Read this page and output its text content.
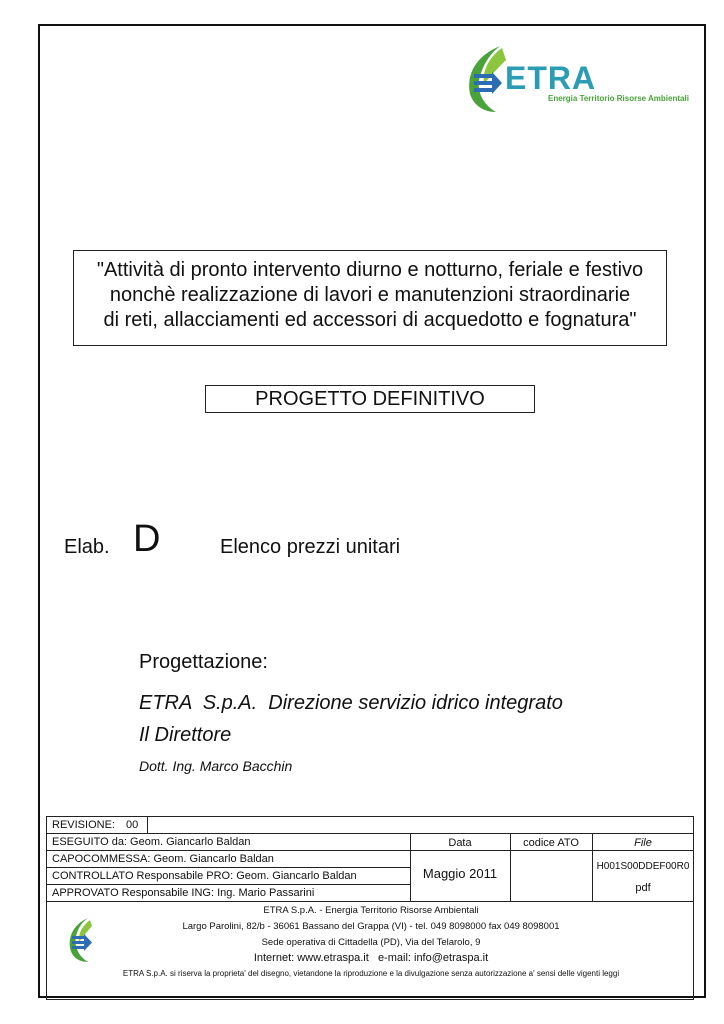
ETRA
Energia Territorio Risorse Ambientali
"Attività di pronto intervento diurno e notturno, feriale e festivo
nonchè realizzazione di lavori e manutenzioni straordinarie
di reti, allacciamenti ed accessori di acquedotto e fognatura"
PROGETTO DEFINITIVO
Elab. D	Elenco prezzi unitari
Progettazione:
ETRA  S.p.A.  Direzione servizio idrico integrato
Il Direttore
Dott. Ing. Marco Bacchin
REVISIONE: 00
ESEGUITO da: Geom. Giancarlo Baldan
CAPOCOMMESSA: Geom. Giancarlo Baldan
CONTROLLATO Responsabile PRO: Geom. Giancarlo Baldan
APPROVATO Responsabile ING: Ing. Mario Passarini
Data
Maggio 2011
codice ATO	File
H001S00DDEF00R0
pdf
ETRA S.p.A. - Energia Territorio Risorse Ambientali
Largo Parolini, 82/b - 36061 Bassano del Grappa (VI) - tel. 049 8098000 fax 049 8098001
Sede operativa di Cittadella (PD), Via del Telarolo, 9
Internet: www.etraspa.it   e-mail: info@etraspa.it
ETRA S.p.A. si riserva la proprieta' del disegno, vietandone la riproduzione e la divulgazione senza autorizzazione a' sensi delle vigenti leggi
